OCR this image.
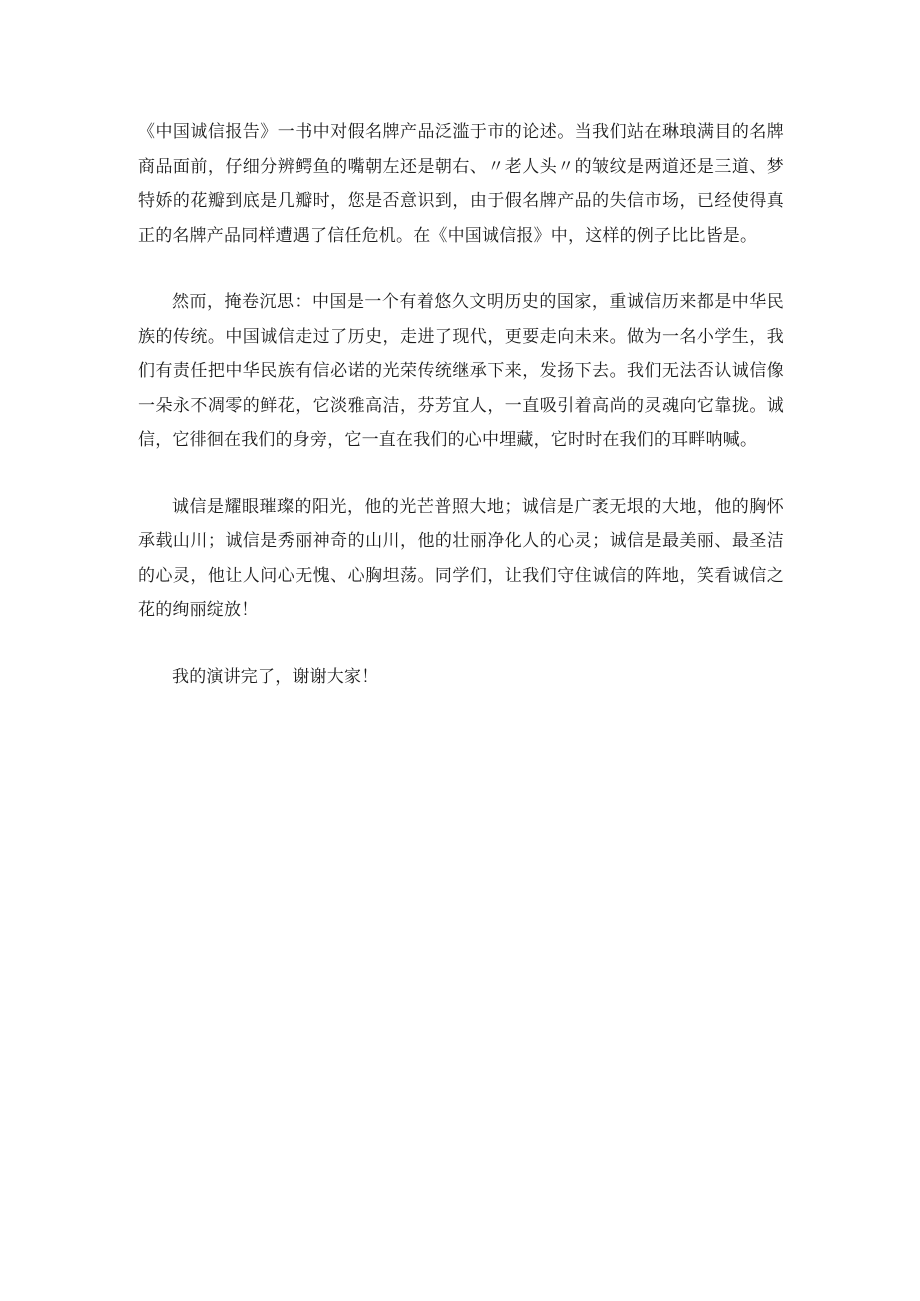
《中国诚信报告》一书中对假名牌产品泛滥于市的论述。当我们站在琳琅满目的名牌商品面前，仔细分辨鳄鱼的嘴朝左还是朝右、〃老人头〃的皱纹是两道还是三道、梦特娇的花瓣到底是几瓣时，您是否意识到，由于假名牌产品的失信市场，已经使得真正的名牌产品同样遭遇了信任危机。在《中国诚信报》中，这样的例子比比皆是。

然而，掩卷沉思：中国是一个有着悠久文明历史的国家，重诚信历来都是中华民族的传统。中国诚信走过了历史，走进了现代，更要走向未来。做为一名小学生，我们有责任把中华民族有信必诺的光荣传统继承下来，发扬下去。我们无法否认诚信像一朵永不凋零的鲜花，它淡雅高洁，芬芳宜人，一直吸引着高尚的灵魂向它靠拢。诚信，它徘徊在我们的身旁，它一直在我们的心中埋藏，它时时在我们的耳畔呐喊。

诚信是耀眼璀璨的阳光，他的光芒普照大地；诚信是广袤无垠的大地，他的胸怀承载山川；诚信是秀丽神奇的山川，他的壮丽净化人的心灵；诚信是最美丽、最圣洁的心灵，他让人问心无愧、心胸坦荡。同学们，让我们守住诚信的阵地，笑看诚信之花的绚丽绽放！

我的演讲完了，谢谢大家！
